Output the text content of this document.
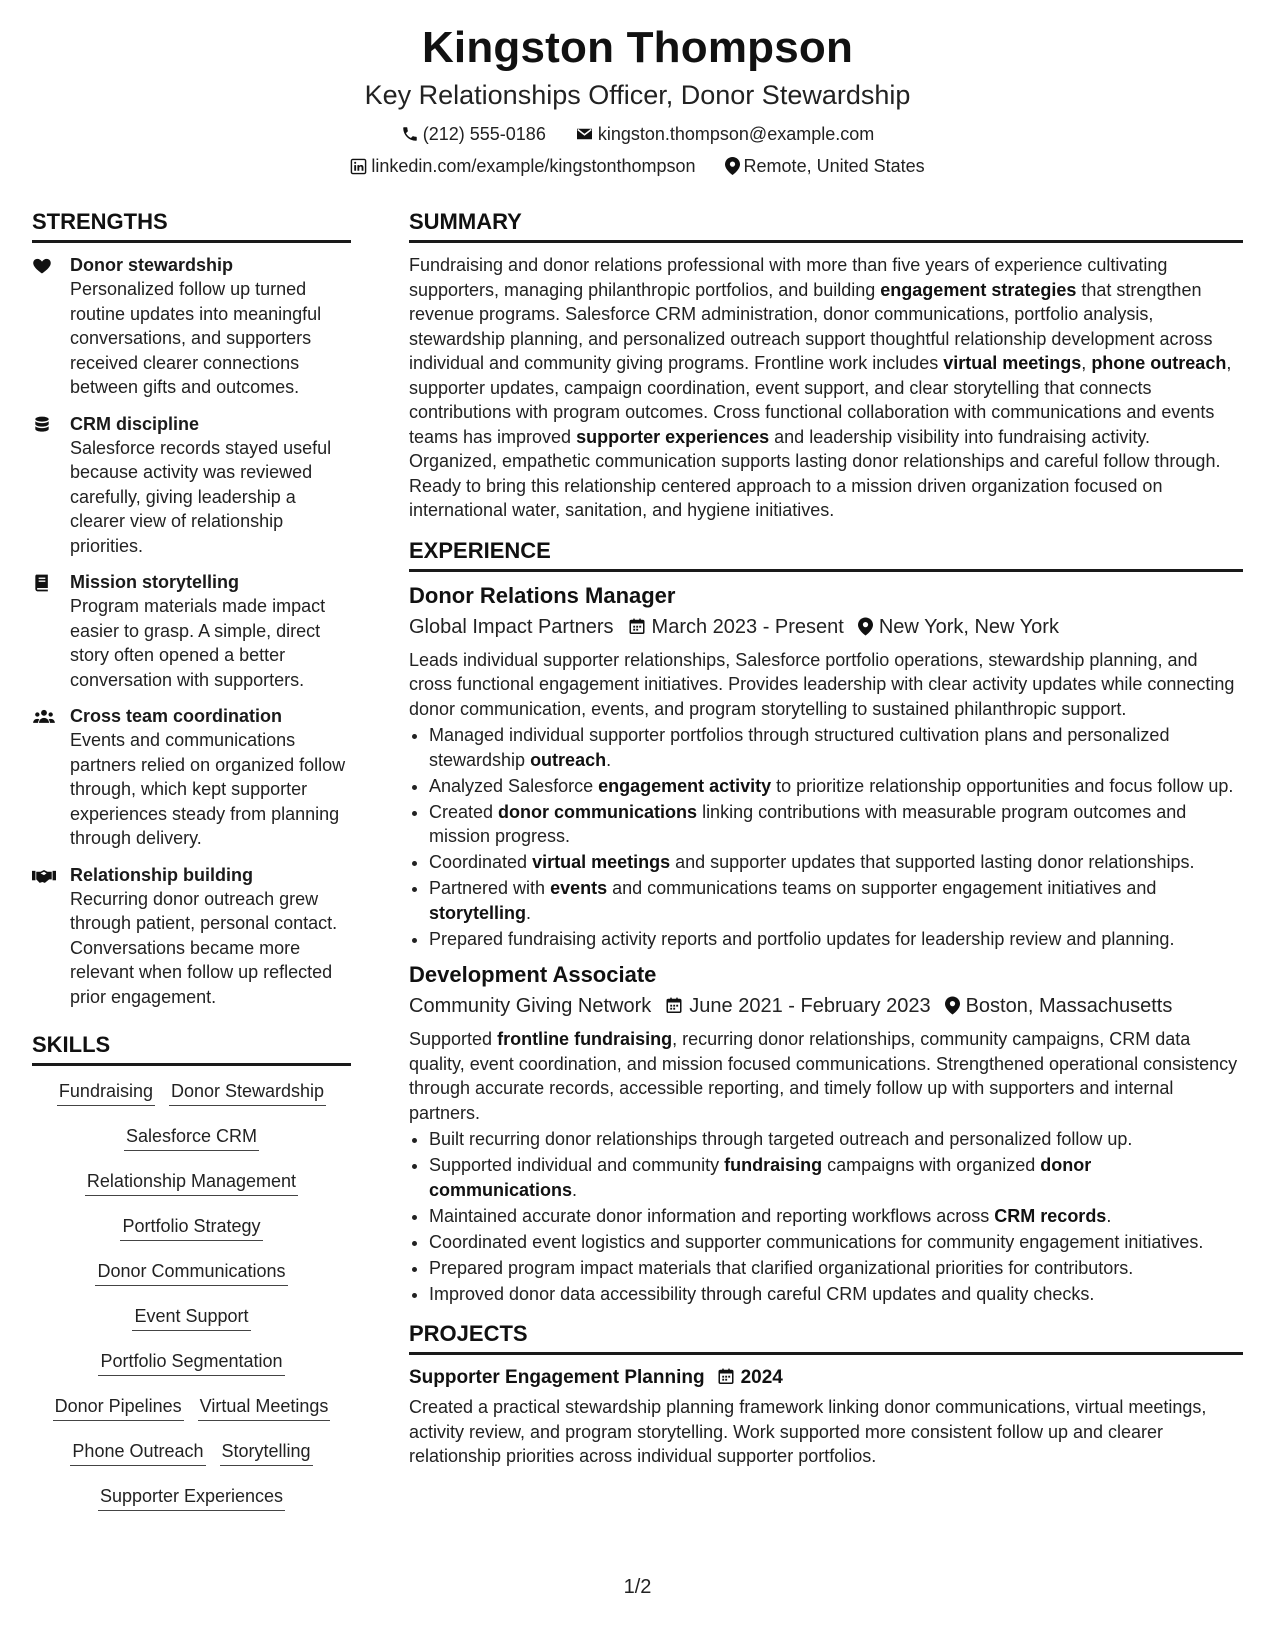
Kingston Thompson
Key Relationships Officer, Donor Stewardship
(212) 555-0186	kingston.thompson@example.com
linkedin.com/example/kingstonthompson	Remote, United States
STRENGTHS
Donor stewardship
Personalized follow up turned routine updates into meaningful conversations, and supporters received clearer connections between gifts and outcomes.
CRM discipline
Salesforce records stayed useful because activity was reviewed carefully, giving leadership a clearer view of relationship priorities.
Mission storytelling
Program materials made impact easier to grasp. A simple, direct story often opened a better conversation with supporters.
Cross team coordination
Events and communications partners relied on organized follow through, which kept supporter experiences steady from planning through delivery.
Relationship building
Recurring donor outreach grew through patient, personal contact. Conversations became more relevant when follow up reflected prior engagement.
SKILLS
Fundraising Donor Stewardship
Salesforce CRM
Relationship Management
Portfolio Strategy
Donor Communications
Event Support
Portfolio Segmentation
Donor Pipelines Virtual Meetings
Phone Outreach Storytelling
Supporter Experiences
SUMMARY

Fundraising and donor relations professional with more than five years of experience cultivating supporters, managing philanthropic portfolios, and building engagement strategies that strengthen revenue programs. Salesforce CRM administration, donor communications, portfolio analysis, stewardship planning, and personalized outreach support thoughtful relationship development across individual and community giving programs. Frontline work includes virtual meetings, phone outreach, supporter updates, campaign coordination, event support, and clear storytelling that connects contributions with program outcomes. Cross functional collaboration with communications and events teams has improved supporter experiences and leadership visibility into fundraising activity. Organized, empathetic communication supports lasting donor relationships and careful follow through. Ready to bring this relationship centered approach to a mission driven organization focused on international water, sanitation, and hygiene initiatives.

EXPERIENCE
Donor Relations Manager
Global Impact Partners March 2023 - Present New York, New York

Leads individual supporter relationships, Salesforce portfolio operations, stewardship planning, and cross functional engagement initiatives. Provides leadership with clear activity updates while connecting donor communication, events, and program storytelling to sustained philanthropic support.

• Managed individual supporter portfolios through structured cultivation plans and personalized stewardship outreach.
• Analyzed Salesforce engagement activity to prioritize relationship opportunities and focus follow up.
• Created donor communications linking contributions with measurable program outcomes and mission progress.
• Coordinated virtual meetings and supporter updates that supported lasting donor relationships.
• Partnered with events and communications teams on supporter engagement initiatives and storytelling.
• Prepared fundraising activity reports and portfolio updates for leadership review and planning.
Development Associate
Community Giving Network June 2021 - February 2023 Boston, Massachusetts

Supported frontline fundraising, recurring donor relationships, community campaigns, CRM data quality, event coordination, and mission focused communications. Strengthened operational consistency through accurate records, accessible reporting, and timely follow up with supporters and internal partners.

• Built recurring donor relationships through targeted outreach and personalized follow up.
• Supported individual and community fundraising campaigns with organized donor communications.
• Maintained accurate donor information and reporting workflows across CRM records.
• Coordinated event logistics and supporter communications for community engagement initiatives.
• Prepared program impact materials that clarified organizational priorities for contributors.
• Improved donor data accessibility through careful CRM updates and quality checks.
PROJECTS
Supporter Engagement Planning 2024

Created a practical stewardship planning framework linking donor communications, virtual meetings, activity review, and program storytelling. Work supported more consistent follow up and clearer relationship priorities across individual supporter portfolios.

1/2
